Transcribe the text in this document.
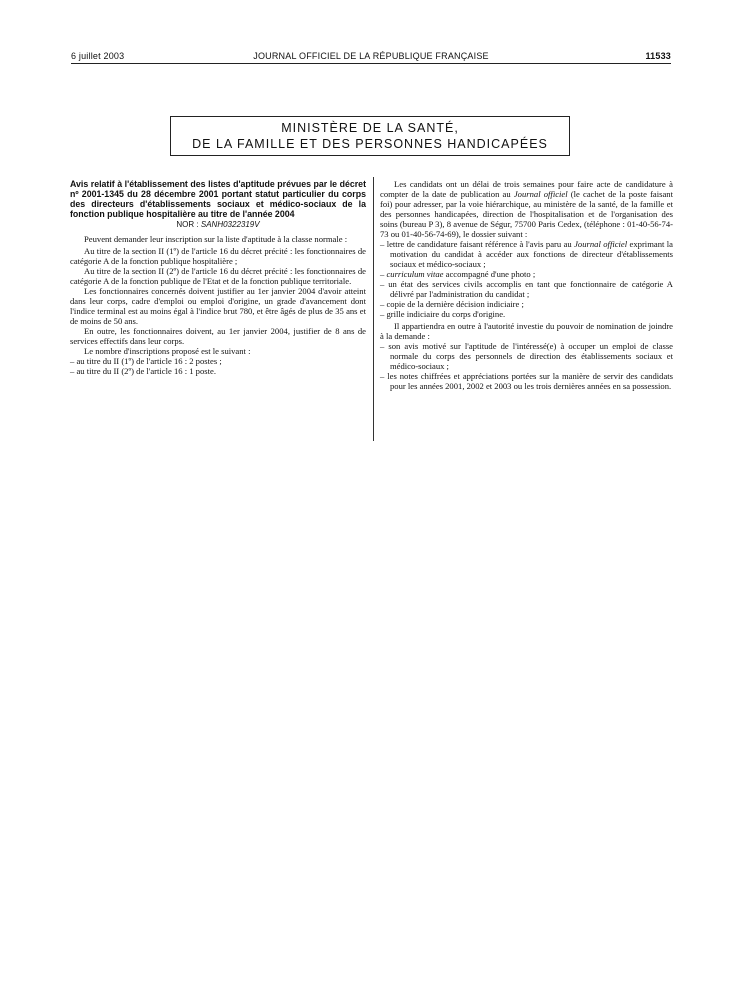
6 juillet 2003	JOURNAL OFFICIEL DE LA RÉPUBLIQUE FRANÇAISE	11533
MINISTÈRE DE LA SANTÉ,
DE LA FAMILLE ET DES PERSONNES HANDICAPÉES
Avis relatif à l'établissement des listes d'aptitude prévues par le décret nº 2001-1345 du 28 décembre 2001 portant statut particulier du corps des directeurs d'établissements sociaux et médico-sociaux de la fonction publique hospitalière au titre de l'année 2004
NOR : SANH0322319V

Peuvent demander leur inscription sur la liste d'aptitude à la classe normale :

Au titre de la section II (1º) de l'article 16 du décret précité : les fonctionnaires de catégorie A de la fonction publique hospitalière ;

Au titre de la section II (2º) de l'article 16 du décret précité : les fonctionnaires de catégorie A de la fonction publique de l'Etat et de la fonction publique territoriale.

Les fonctionnaires concernés doivent justifier au 1er janvier 2004 d'avoir atteint dans leur corps, cadre d'emploi ou emploi d'origine, un grade d'avancement dont l'indice terminal est au moins égal à l'indice brut 780, et être âgés de plus de 35 ans et de moins de 50 ans.

En outre, les fonctionnaires doivent, au 1er janvier 2004, justifier de 8 ans de services effectifs dans leur corps.

Le nombre d'inscriptions proposé est le suivant :

– au titre du II (1º) de l'article 16 : 2 postes ;
– au titre du II (2º) de l'article 16 : 1 poste.

Les candidats ont un délai de trois semaines pour faire acte de candidature à compter de la date de publication au Journal officiel (le cachet de la poste faisant foi) pour adresser, par la voie hiérarchique, au ministère de la santé, de la famille et des personnes handicapées, direction de l'hospitalisation et de l'organisation des soins (bureau P 3), 8 avenue de Ségur, 75700 Paris Cedex, (téléphone : 01-40-56-74-73 ou 01-40-56-74-69), le dossier suivant :

– lettre de candidature faisant référence à l'avis paru au Journal officiel exprimant la motivation du candidat à accéder aux fonctions de directeur d'établissements sociaux et médico-sociaux ;
– curriculum vitae accompagné d'une photo ;
– un état des services civils accomplis en tant que fonctionnaire de catégorie A délivré par l'administration du candidat ;
– copie de la dernière décision indiciaire ;
– grille indiciaire du corps d'origine.

Il appartiendra en outre à l'autorité investie du pouvoir de nomination de joindre à la demande :

– son avis motivé sur l'aptitude de l'intéressé(e) à occuper un emploi de classe normale du corps des personnels de direction des établissements sociaux et médico-sociaux ;
– les notes chiffrées et appréciations portées sur la manière de servir des candidats pour les années 2001, 2002 et 2003 ou les trois dernières années en sa possession.
